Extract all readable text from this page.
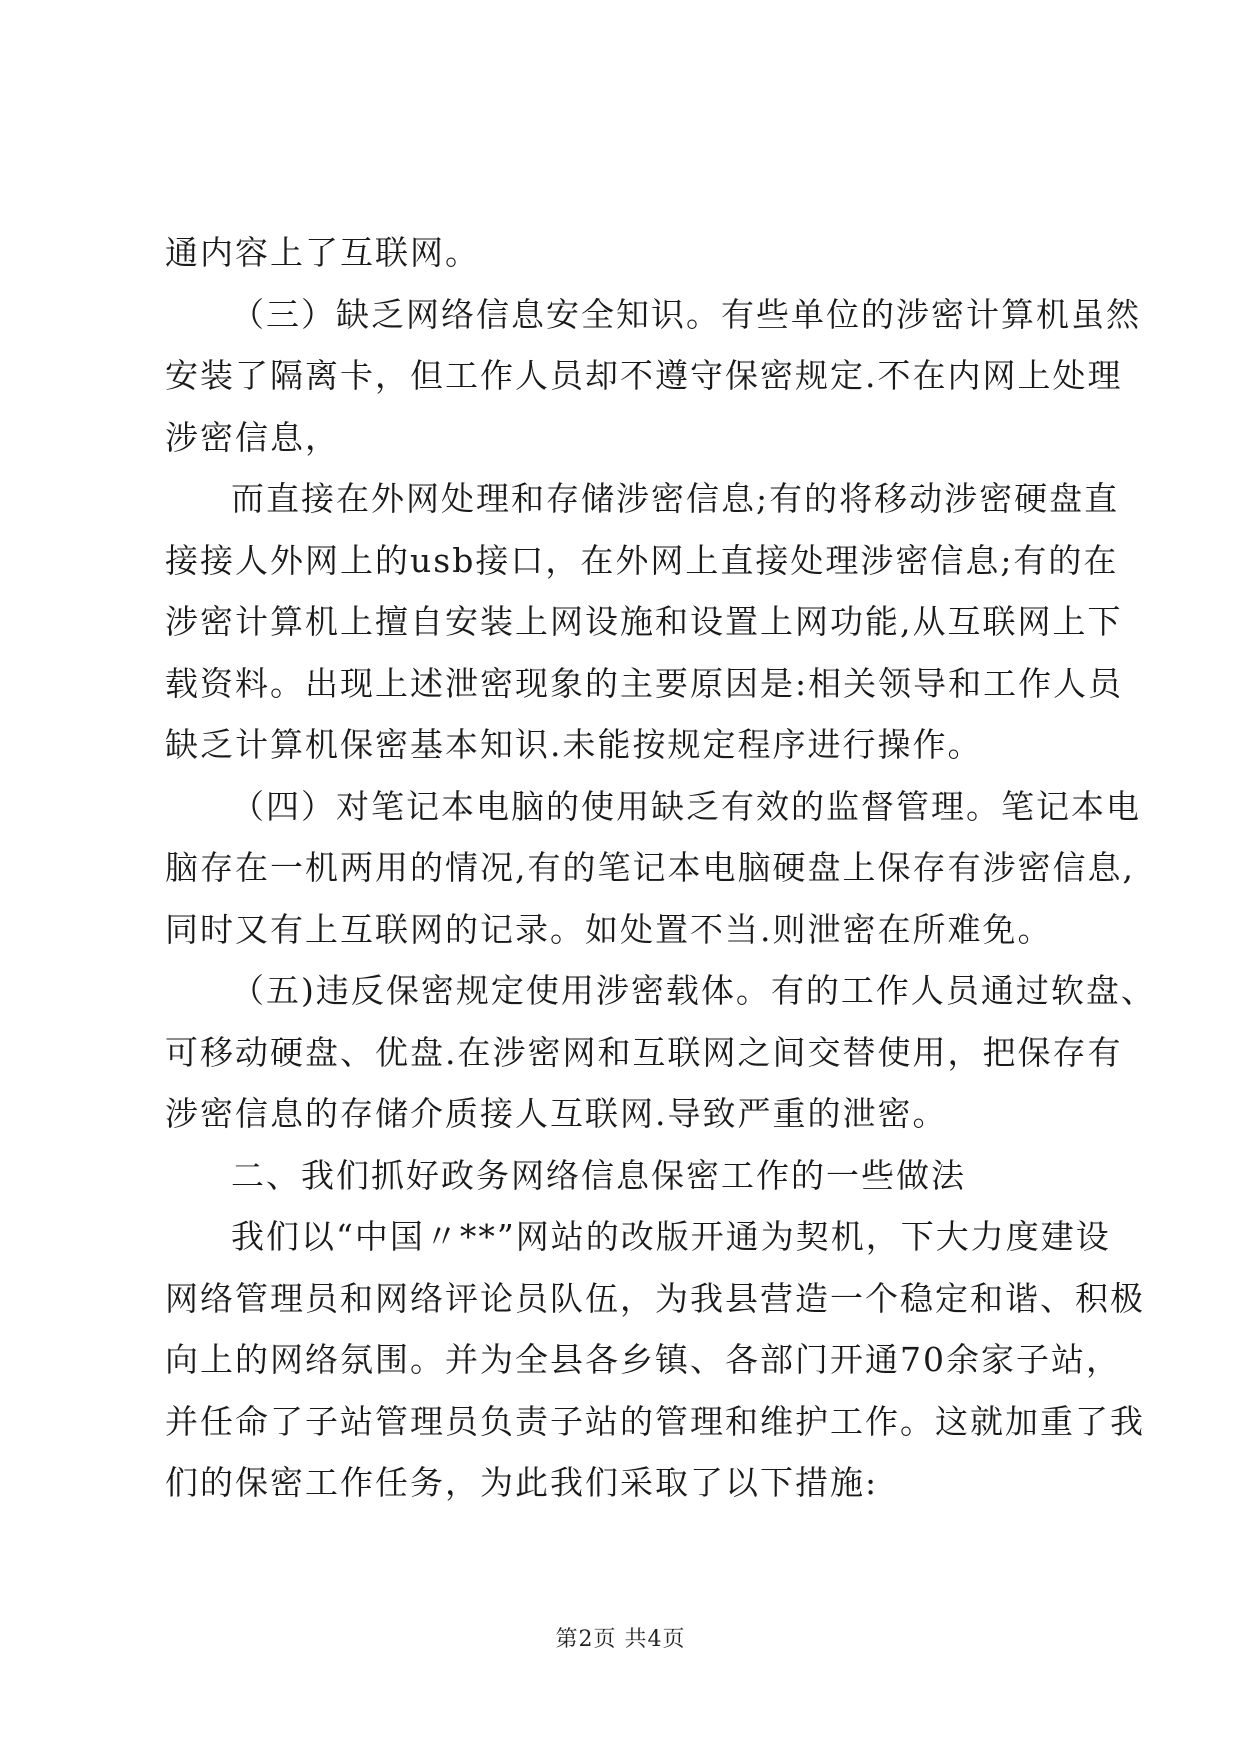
通内容上了互联网。
（三）缺乏网络信息安全知识。有些单位的涉密计算机虽然
安装了隔离卡，但工作人员却不遵守保密规定.不在内网上处理
涉密信息，
而直接在外网处理和存储涉密信息;有的将移动涉密硬盘直
接接人外网上的usb接口，在外网上直接处理涉密信息;有的在
涉密计算机上擅自安装上网设施和设置上网功能,从互联网上下
载资料。出现上述泄密现象的主要原因是:相关领导和工作人员
缺乏计算机保密基本知识.未能按规定程序进行操作。
（四）对笔记本电脑的使用缺乏有效的监督管理。笔记本电
脑存在一机两用的情况,有的笔记本电脑硬盘上保存有涉密信息,
同时又有上互联网的记录。如处置不当.则泄密在所难免。
（五)违反保密规定使用涉密载体。有的工作人员通过软盘、
可移动硬盘、优盘.在涉密网和互联网之间交替使用，把保存有
涉密信息的存储介质接人互联网.导致严重的泄密。
二、我们抓好政务网络信息保密工作的一些做法
我们以“中国〃**”网站的改版开通为契机，下大力度建设
网络管理员和网络评论员队伍，为我县营造一个稳定和谐、积极
向上的网络氛围。并为全县各乡镇、各部门开通70余家子站，
并任命了子站管理员负责子站的管理和维护工作。这就加重了我
们的保密工作任务，为此我们采取了以下措施:
第2页 共4页
